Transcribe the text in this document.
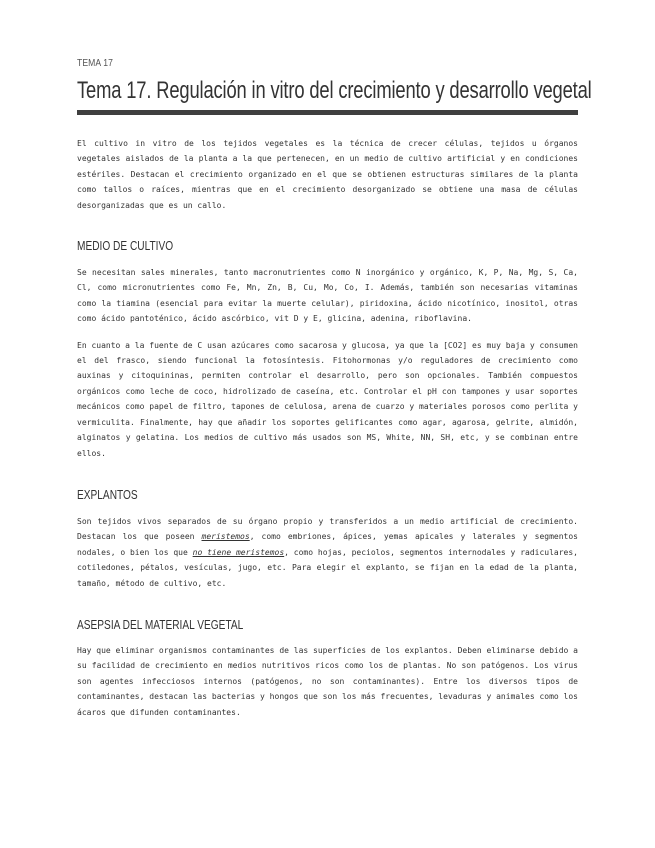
TEMA 17
Tema 17. Regulación in vitro del crecimiento y desarrollo vegetal

El cultivo in vitro de los tejidos vegetales es la técnica de crecer células, tejidos u órganos vegetales aislados de la planta a la que pertenecen, en un medio de cultivo artificial y en condiciones estériles. Destacan el crecimiento organizado en el que se obtienen estructuras similares de la planta como tallos o raíces, mientras que en el crecimiento desorganizado se obtiene una masa de células desorganizadas que es un callo.

MEDIO DE CULTIVO

Se necesitan sales minerales, tanto macronutrientes como N inorgánico y orgánico, K, P, Na, Mg, S, Ca, Cl, como micronutrientes como Fe, Mn, Zn, B, Cu, Mo, Co, I. Además, también son necesarias vitaminas como la tiamina (esencial para evitar la muerte celular), piridoxina, ácido nicotínico, inositol, otras como ácido pantoténico, ácido ascórbico, vit D y E, glicina, adenina, riboflavina.

En cuanto a la fuente de C usan azúcares como sacarosa y glucosa, ya que la [CO2] es muy baja y consumen el del frasco, siendo funcional la fotosíntesis. Fitohormonas y/o reguladores de crecimiento como auxinas y citoquininas, permiten controlar el desarrollo, pero son opcionales. También compuestos orgánicos como leche de coco, hidrolizado de caseína, etc. Controlar el pH con tampones y usar soportes mecánicos como papel de filtro, tapones de celulosa, arena de cuarzo y materiales porosos como perlita y vermiculita. Finalmente, hay que añadir los soportes gelificantes como agar, agarosa, gelrite, almidón, alginatos y gelatina. Los medios de cultivo más usados son MS, White, NN, SH, etc, y se combinan entre ellos.

EXPLANTOS

Son tejidos vivos separados de su órgano propio y transferidos a un medio artificial de crecimiento. Destacan los que poseen meristemos, como embriones, ápices, yemas apicales y laterales y segmentos nodales, o bien los que no tiene meristemos, como hojas, peciolos, segmentos internodales y radiculares, cotiledones, pétalos, vesículas, jugo, etc. Para elegir el explanto, se fijan en la edad de la planta, tamaño, método de cultivo, etc.

ASEPSIA DEL MATERIAL VEGETAL

Hay que eliminar organismos contaminantes de las superficies de los explantos. Deben eliminarse debido a su facilidad de crecimiento en medios nutritivos ricos como los de plantas. No son patógenos. Los virus son agentes infecciosos internos (patógenos, no son contaminantes). Entre los diversos tipos de contaminantes, destacan las bacterias y hongos que son los más frecuentes, levaduras y animales como los ácaros que difunden contaminantes.
